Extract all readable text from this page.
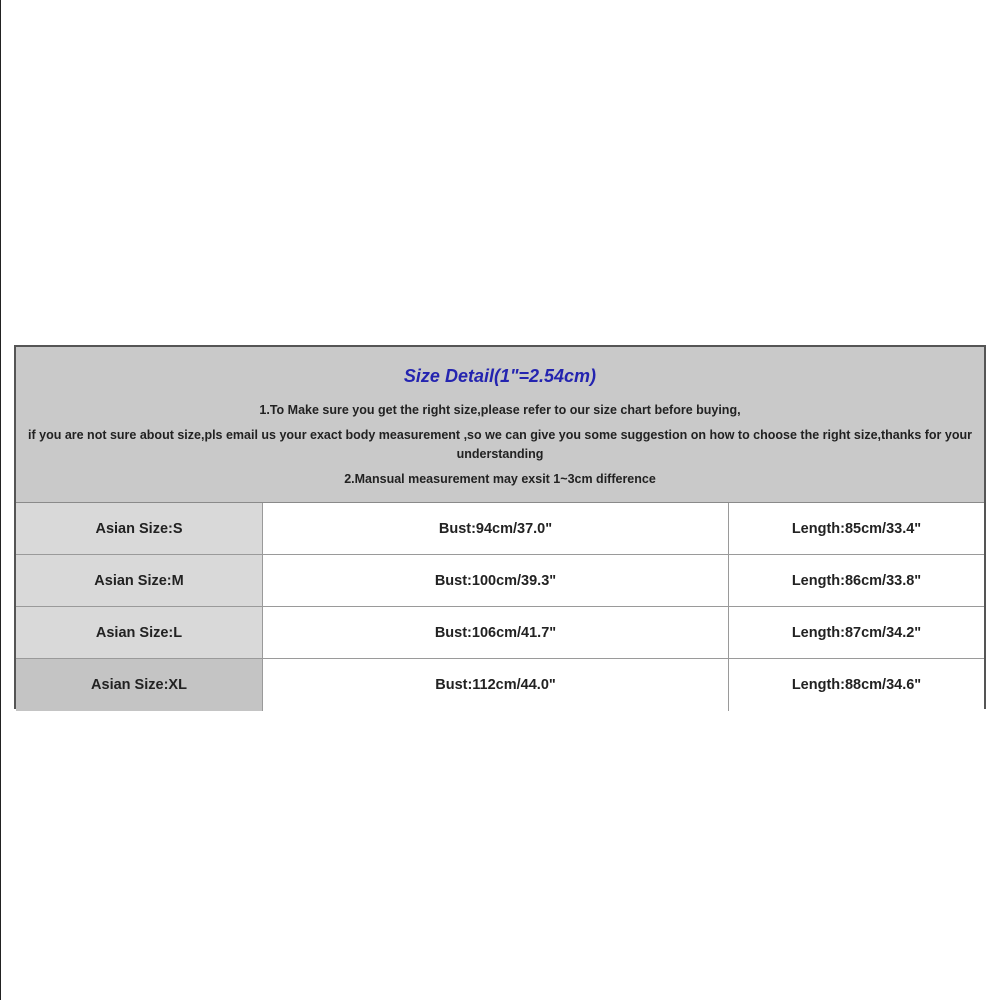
Size Detail(1"=2.54cm)
1.To Make sure you get the right size,please refer to our size chart before buying,
if you are not sure about size,pls email us your exact body measurement ,so we can give you some suggestion on how to choose the right size,thanks for your understanding
2.Mansual measurement may exsit 1~3cm difference
Asian Size:S	Bust:94cm/37.0"	Length:85cm/33.4"
Asian Size:M	Bust:100cm/39.3"	Length:86cm/33.8"
Asian Size:L	Bust:106cm/41.7"	Length:87cm/34.2"
Asian Size:XL	Bust:112cm/44.0"	Length:88cm/34.6"
